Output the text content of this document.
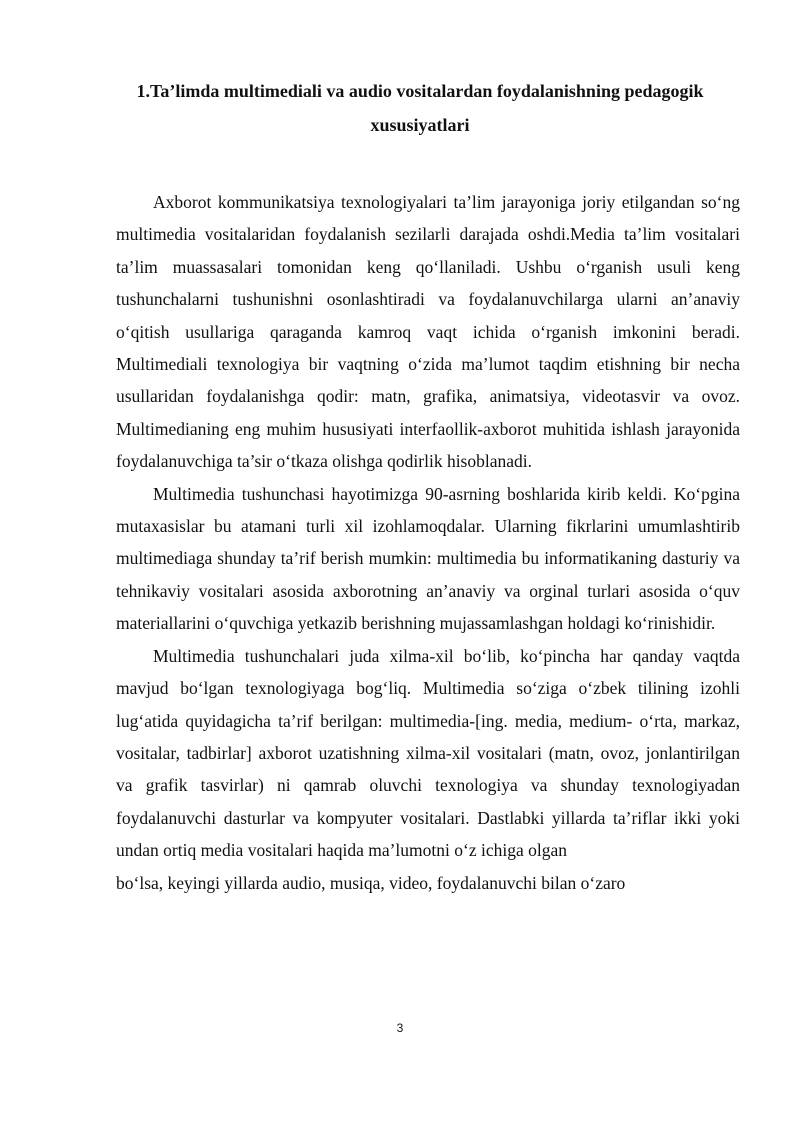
1.Ta’limda multimediali va audio vositalardan foydalanishning pedagogik
xususiyatlari

Axborot kommunikatsiya texnologiyalari ta’lim jarayoniga joriy etilgandan so‘ng multimedia vositalaridan foydalanish sezilarli darajada oshdi.Media ta’lim vositalari ta’lim muassasalari tomonidan keng qo‘llaniladi. Ushbu o‘rganish usuli keng tushunchalarni tushunishni osonlashtiradi va foydalanuvchilarga ularni an’anaviy o‘qitish usullariga qaraganda kamroq vaqt ichida o‘rganish imkonini beradi. Multimediali texnologiya bir vaqtning o‘zida ma’lumot taqdim etishning bir necha usullaridan foydalanishga qodir: matn, grafika, animatsiya, videotasvir va ovoz. Multimedianing eng muhim hususiyati interfaollik-axborot muhitida ishlash jarayonida foydalanuvchiga ta’sir o‘tkaza olishga qodirlik hisoblanadi.

Multimedia tushunchasi hayotimizga 90-asrning boshlarida kirib keldi. Ko‘pgina mutaxasislar bu atamani turli xil izohlamoqdalar. Ularning fikrlarini umumlashtirib multimediaga shunday ta’rif berish mumkin: multimedia bu informatikaning dasturiy va tehnikaviy vositalari asosida axborotning an’anaviy va orginal turlari asosida o‘quv materiallarini o‘quvchiga yetkazib berishning mujassamlashgan holdagi ko‘rinishidir.

Multimedia tushunchalari juda xilma-xil bo‘lib, ko‘pincha har qanday vaqtda mavjud bo‘lgan texnologiyaga bog‘liq. Multimedia so‘ziga o‘zbek tilining izohli lug‘atida quyidagicha ta’rif berilgan: multimedia-[ing. media, medium- o‘rta, markaz, vositalar, tadbirlar] axborot uzatishning xilma-xil vositalari (matn, ovoz, jonlantirilgan va grafik tasvirlar) ni qamrab oluvchi texnologiya va shunday texnologiyadan foydalanuvchi dasturlar va kompyuter vositalari. Dastlabki yillarda ta’riflar ikki yoki undan ortiq media vositalari haqida ma’lumotni o‘z ichiga olgan

bo‘lsa, keyingi yillarda audio, musiqa, video, foydalanuvchi bilan o‘zaro

3
